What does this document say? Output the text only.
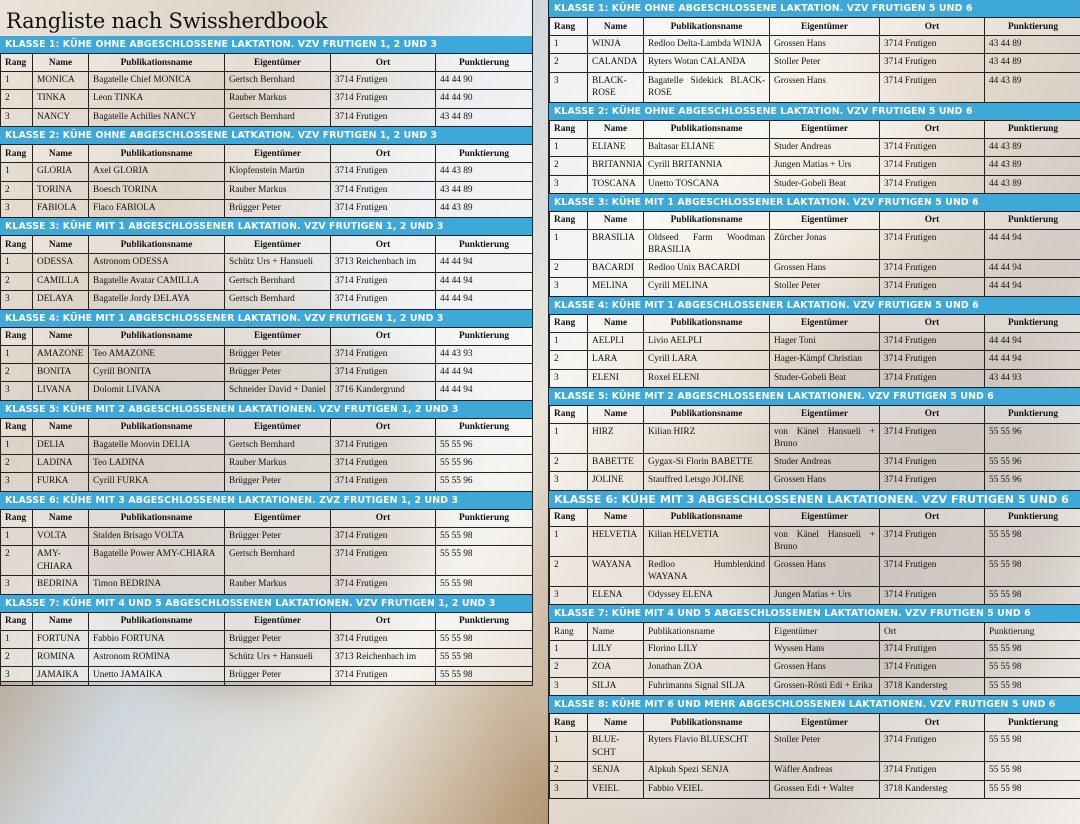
Rangliste nach Swissherdbook
KLASSE 1: KÜHE OHNE ABGESCHLOSSENE LAKTATION. VZV FRUTIGEN 1, 2 UND 3
Rang	Name	Publikationsname	Eigentümer	Ort	Punktierung
1	MONICA	Bagatelle Chief MONICA	Gertsch Bernhard	3714 Frutigen	44 44 90
2	TINKA	Leon TINKA	Rauber Markus	3714 Frutigen	44 44 90
3	NANCY	Bagatelle Achilles NANCY	Gertsch Bernhard	3714 Frutigen	43 44 89
KLASSE 2: KÜHE OHNE ABGESCHLOSSENE LATKATION. VZV FRUTIGEN 1, 2 UND 3
Rang	Name	Publikationsname	Eigentümer	Ort	Punktierung
1	GLORIA	Axel GLORIA	Klopfenstein Martin	3714 Frutigen	44 43 89
2	TORINA	Boesch TORINA	Rauber Markus	3714 Frutigen	43 44 89
3	FABIOLA	Flaco FABIOLA	Brügger Peter	3714 Frutigen	44 43 89
KLASSE 3: KÜHE MIT 1 ABGESCHLOSSENER LAKTATION. VZV FRUTIGEN 1, 2 UND 3
Rang	Name	Publikationsname	Eigentümer	Ort	Punktierung
1	ODESSA	Astronom ODESSA	Schütz Urs + Hansueli	3713 Reichenbach im	44 44 94
2	CAMILLA	Bagatelle Avatar CAMILLA	Gertsch Bernhard	3714 Frutigen	44 44 94
3	DELAYA	Bagatelle Jordy DELAYA	Gertsch Bernhard	3714 Frutigen	44 44 94
KLASSE 4: KÜHE MIT 1 ABGESCHLOSSENER LAKTATION. VZV FRUTIGEN 1, 2 UND 3
Rang	Name	Publikationsname	Eigentümer	Ort	Punktierung
1	AMAZONE	Teo AMAZONE	Brügger Peter	3714 Frutigen	44 43 93
2	BONITA	Cyrill BONITA	Brügger Peter	3714 Frutigen	44 44 94
3	LIVANA	Dolomit LIVANA	Schneider David + Daniel	3716 Kandergrund	44 44 94
KLASSE 5: KÜHE MIT 2 ABGESCHLOSSENEN LAKTATIONEN. VZV FRUTIGEN 1, 2 UND 3
Rang	Name	Publikationsname	Eigentümer	Ort	Punktierung
1	DELIA	Bagatelle Moovin DELIA	Gertsch Bernhard	3714 Frutigen	55 55 96
2	LADINA	Teo LADINA	Rauber Markus	3714 Frutigen	55 55 96
3	FURKA	Cyrill FURKA	Brügger Peter	3714 Frutigen	55 55 96
KLASSE 6: KÜHE MIT 3 ABGESCHLOSSENEN LAKTATIONEN. ZVZ FRUTIGEN 1, 2 UND 3
Rang	Name	Publikationsname	Eigentümer	Ort	Punktierung
1	VOLTA	Stalden Brisago VOLTA	Brügger Peter	3714 Frutigen	55 55 98
2	AMY-CHIARA	Bagatelle Power AMY-CHIARA	Gertsch Bernhard	3714 Frutigen	55 55 98
3	BEDRINA	Timon BEDRINA	Rauber Markus	3714 Frutigen	55 55 98
KLASSE 7: KÜHE MIT 4 UND 5 ABGESCHLOSSENEN LAKTATIONEN. VZV FRUTIGEN 1, 2 UND 3
Rang	Name	Publikationsname	Eigentümer	Ort	Punktierung
1	FORTUNA	Fabbio FORTUNA	Brügger Peter	3714 Frutigen	55 55 98
2	ROMINA	Astronom ROMINA	Schütz Urs + Hansueli	3713 Reichenbach im	55 55 98
3	JAMAIKA	Unetto JAMAIKA	Brügger Peter	3714 Frutigen	55 55 98
KLASSE 1: KÜHE OHNE ABGESCHLOSSENE LAKTATION. VZV FRUTIGEN 5 UND 6
Rang	Name	Publikationsname	Eigentümer	Ort	Punktierung
1	WINJA	Redloo Delta-Lambda WINJA	Grossen Hans	3714 Frutigen	43 44 89
2	CALANDA	Ryters Wotan CALANDA	Stoller Peter	3714 Frutigen	43 44 89
3	BLACK-ROSE	Bagatelle Sidekick BLACK-ROSE	Grossen Hans	3714 Frutigen	44 43 89
KLASSE 2: KÜHE OHNE ABGESCHLOSSENE LAKTATION. VZV FRUTIGEN 5 UND 6
Rang	Name	Publikationsname	Eigentümer	Ort	Punktierung
1	ELIANE	Baltasar ELIANE	Studer Andreas	3714 Frutigen	44 43 89
2	BRITANNIA	Cyrill BRITANNIA	Jungen Matias + Urs	3714 Frutigen	44 43 89
3	TOSCANA	Unetto TOSCANA	Studer-Gobeli Beat	3714 Frutigen	44 43 89
KLASSE 3: KÜHE MIT 1 ABGESCHLOSSENER LAKTATION. VZV FRUTIGEN 5 UND 6
Rang	Name	Publikationsname	Eigentümer	Ort	Punktierung
1	BRASILIA	Oldseed Farm Woodman BRASILIA	Zürcher Jonas	3714 Frutigen	44 44 94
2	BACARDI	Redloo Unix BACARDI	Grossen Hans	3714 Frutigen	44 44 94
3	MELINA	Cyrill MELINA	Stoller Peter	3714 Frutigen	44 44 94
KLASSE 4: KÜHE MIT 1 ABGESCHLOSSENER LAKTATION. VZV FRUTIGEN 5 UND 6
Rang	Name	Publikationsname	Eigentümer	Ort	Punktierung
1	AELPLI	Livio AELPLI	Hager Toni	3714 Frutigen	44 44 94
2	LARA	Cyrill LARA	Hager-Kämpf Christian	3714 Frutigen	44 44 94
3	ELENI	Roxel ELENI	Studer-Gobeli Beat	3714 Frutigen	43 44 93
KLASSE 5: KÜHE MIT 2 ABGESCHLOSSENEN LAKTATIONEN. VZV FRUTIGEN 5 UND 6
Rang	Name	Publikationsname	Eigentümer	Ort	Punktierung
1	HIRZ	Kilian HIRZ	von Känel Hansueli + Bruno	3714 Frutigen	55 55 96
2	BABETTE	Gygax-Si Florin BABETTE	Studer Andreas	3714 Frutigen	55 55 96
3	JOLINE	Stauffred Letsgo JOLINE	Grossen Hans	3714 Frutigen	55 55 96
KLASSE 6: KÜHE MIT 3 ABGESCHLOSSENEN LAKTATIONEN. VZV FRUTIGEN 5 UND 6
Rang	Name	Publikationsname	Eigentümer	Ort	Punktierung
1	HELVETIA	Kilian HELVETIA	von Känel Hansueli + Bruno	3714 Frutigen	55 55 98
2	WAYANA	Redloo Humblenkind WAYANA	Grossen Hans	3714 Frutigen	55 55 98
3	ELENA	Odyssey ELENA	Jungen Matias + Urs	3714 Frutigen	55 55 98
KLASSE 7: KÜHE MIT 4 UND 5 ABGESCHLOSSENEN LAKTATIONEN. VZV FRUTIGEN 5 UND 6
Rang	Name	Publikationsname	Eigentümer	Ort	Punktierung
1	LILY	Florino LILY	Wyssen Hans	3714 Frutigen	55 55 98
2	ZOA	Jonathan ZOA	Grossen Hans	3714 Frutigen	55 55 98
3	SILJA	Fuhrimanns Signal SILJA	Grossen-Rösti Edi + Erika	3718 Kandersteg	55 55 98
KLASSE 8: KÜHE MIT 6 UND MEHR ABGESCHLOSSENEN LAKTATIONEN. VZV FRUTIGEN 5 UND 6
Rang	Name	Publikationsname	Eigentümer	Ort	Punktierung
1	BLUE-SCHT	Ryters Flavio BLUESCHT	Stoller Peter	3714 Frutigen	55 55 98
2	SENJA	Alpkuh Spezi SENJA	Wäfler Andreas	3714 Frutigen	55 55 98
3	VEIEL	Fabbio VEIEL	Grossen Edi + Walter	3718 Kandersteg	55 55 98
